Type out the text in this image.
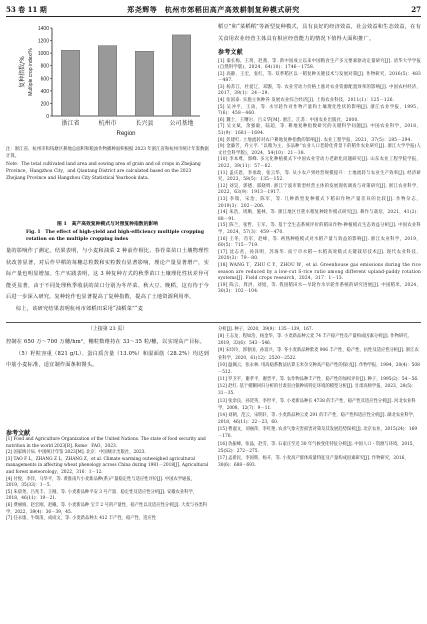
53 卷 11 期	郑尧辉等　杭州市郊稻田高产高效耕制复种模式研究	27
0
200
400
600
800
1000
1200
1400
复种指数/% Multiple crop index/%
浙江省	杭州市	长兴县	公司基地
Region

注：浙江省、杭州市和钱塘区耕地总面积和粮油作物播种面积根据 2023 年浙江省和杭州市统计年鉴数据计算。

Note：The total cultivated land area and sowing area of grain and oil crops in Zhejiang Province，Hangzhou City，and Qiantang District are calculated based on the 2023 Zhejiang Province and Hangzhou City Statistical Yearbook data.

图 1　高产高效复种模式与对照复种指数的影响
Fig. 1　The effect of high-yield and high-efficiency multiple cropping rotation on the multiple cropping index

量的影响作了测定。结果表明，与小麦和油菜 2 种前作相比，春茬菜苗口土壤物理性状改善显著，对后作早稻的每穗总粒数和实粒数有显著影响，理论产量显著增产，实际产量也明显增加。生产实践表明，这 3 种复种方式的秋季苗口土壤理化性状差异可能更显著，由于不同处理秋季收获的苗口分别为冬芹菜、秋大豆、晚稻，这有待于今后进一步深入研究。复种轮作也显著提高了复种指数，提高了土地资源利用率。

综上，该研究结果表明杭州市郊稻田采用“油稻菜”“麦

稻豆”和“菜稻稻”等新型复种模式，具有良好的经济效益，社会效益和生态效益，在有关食用农业经营主体具有相应经营能力的情况下值得大面积推广。

参考文献
[1] 秦长梅，王玥，赵燕，等. 新中国成立以来中国粮食生产多元要素驱动定量研究[J]. 清华大学学报(自然科学版)，2024，64(10)：1746－1758.
[2] 高静，王宏，张红，等. 双季稻区以一稻复种关键技术与发展对策[J]. 作物研究，2016(5)：483－487.
[3] 杨苏江，杜爱辽，邓颢，等. 农业劳动力价格上涨对农业资源配置效率的影响[J]. 中国农村经济，2017，39(1)：24－29.
[4] 张国泰. 实施立体种养 发展农业综合经济[J]. 上海农业科技，2011(1)：125－126.
[5] 吴冲平，王南，等. 水旱轮作对作物产量和土壤理化性状的影响[J]. 浙江农业学报，1995，7(6)：458－460.
[6] 魏士，王曙尔，吕义华[M]. 浙江，江苏：中国农业出版社，2000.
[7] 吴文斌，余强毅，陆超，等. 耕地复种指数研究的关键科学问题[J]. 中国农业科学，2018，51(9)：1681－1694.
[8] 彭建红. 土地流转对农户耕地复种指数的影响[J]. 农业工程学报，2021，37(5)：285－294.
[9] 金廉芳，乔立平. “以粮为主，多品种”农业人口老龄化背景下的稻作农业研究[J]. 浙江大学学报(人文社会科学版)，2024，54(10)：21－38.
[10] 李本尊，郭峰. 多元化种植模式下中国农业劳动力老龄化问题研究[J]. 山东农业工程学院学报，2022，39(11)：57－62.
[11] 盖庆恩，李承政，张云华，等. 从小农户到经营规模提升：土地流转与农业生产效率[J]. 经济研究，2023，58(5)：135－152.
[12] 刘昊，郭德，邵晓明. 浙江宁波市新型经营主体的发展现状调查与对策研究[J]. 浙江农业科学，2022，63(9)：1913－1917.
[13] 李瑞，宋治，陈军，等. 几种新型复种模式下稻田作物产量差异的比较[J]. 作物杂志，2019(3)：202－206.
[14] 朱浩，周顺，施林，等. 浙江地区甘蔗水稻复种轮作模式研究[J]. 耕作与栽培，2021，41(2)：88－91.
[15] 陈兰，张哲，王军，等. 基于全生态系统评价的稻田作物-种植模式生态效益分析[J]. 中国农业科学，2024，57(3)：459－470.
[16] 王冬，肖军，赵峰，等. 两熟种植模式对水稻产量与效益的影响[J]. 浙江农业科学，2019，60(5)：715－719.
[17] 沈志君，孙泽明，苏海华. 南宁市水稻—水稻高效模式关键栽培技术[J]. 现代农业科技，2020(3)：79－80.
[18] WANG T，ZHU C Y，ZHOU W，et al. Greenhouse gas emissions during the rice season are reduced by a low-cut S-rice ratio among different upland-paddy rotation systems[J]. Field crops research，2024，317：1－13.
[19] 陈云，周洪，刘旭，等. 我国稻田水—旱轮作水旱轮作系统的研究进展[J]. 中国稻米，2024，30(3)：102－104.
（上接第 23 页）

控制在 650 万～700 万穗/hm²，穗粒数维持在 33～35 粒/穗，以实现高产目标。

（5）籽粒容重（821 g/L）、蛋白质含量（13.0%）和湿面筋（28.2%）均达到中筋小麦标准，适宜制作面条和馒头。

参考文献
[1] Food and Agriculture Organization of the United Nations. The state of food security and nutrition in the world 2023[R]. Rome：FAO，2023.
[2] 国家统计局. 中国统计年鉴 2023[M]. 北京：中国统计出版社，2023.
[3] TAO F L，ZHANG Z L，ZHANG Z，et al. Climate warming outweighed agricultural managements in affecting wheat phenology across China during 1981－2018[J]. Agricultural and forest meteorology，2022，316：1－12.
[4] 付悦，李洋，马华平，等. 黄淮南片小麦新品种(系)产量稳定性与适应性评价[J]. 中国农学通报，2019，35(33)：1－5.
[5] 朱晨尧，吕兆丰，王刚，等. 小麦新品种平安 3 号产量、稳定性及适应性分析[J]. 安徽农业科学，2018，46(11)：19－21.
[6] 费丽娟，赵宏刚，赵曦，等. 小麦新品种 宝丰 2 号的产量性、稳产性以及适应性分析[J]. 大麦与谷类科学，2022，39(4)：36－39，45.
[7] 任永康，牛瑞清，成成文，等. 小麦新品种太 412 丰产性、稳产性、适应性
分析[J]. 种子，2020，39(9)：135－139，167.
[8] 王志龙，程如浩，杨金华，等. 小麦新品种云麦 74 丰产稳产性及产量构成因素分析[J]. 作物研究，2019，33(6)：543－546.
[9] 宋玲玲，郭春国，孙富兴，等. 冬小麦新品种紫麦 906 丰产性、稳产性、抗性及适应性分析[J]. 浙江农业科学，2020，61(12)：2520－2522.
[10] 温佩云，张永林. 用高稳系数法估算玉米杂交种高产稳产性的探讨[J]. 作物学报，1994，20(4)：508－512.
[11] 罗卫平，谢孝平，谢晋平，等. 农作物品种丰产性、稳产性的加权评价[J]. 种子，1995(2)：54－56.
[12] 赵红. 基于模糊回归分析的甘肃省白银种质特定环境的模型分析[J]. 甘肃高师学报，2023，28(5)：31－35.
[13] 张余良，孙贺英，李世平，等. 小麦新品种长 4738 的丰产性、稳产性及适应性分析[J]. 河北农业科学，2008，12(7)：9－11.
[14] 刘朝，范云，宋明轩，等. 小麦新品种云麦 291 的丰产性、稳产性和适应性分析[J]. 湖北农业科学，2018，46(11)：22－23，60.
[15] 曹淑文，刘丽萍，李红艳. 农业气象灾害损害对策及其发展趋势探析[J]. 北京农业，2015(24)：169－170.
[16] 仇振峰，张晶，赵雪，等. 石家庄至近 30 年气候变化特征分析[J]. 中国人口・资源与环境，2015，25(S2)：272－275.
[17] 孟新民，李国辉，杨卉，等. 小麦高产群体质量特征及产量构成因素研究[J]. 作物研究，2016，30(6)：688－693.
